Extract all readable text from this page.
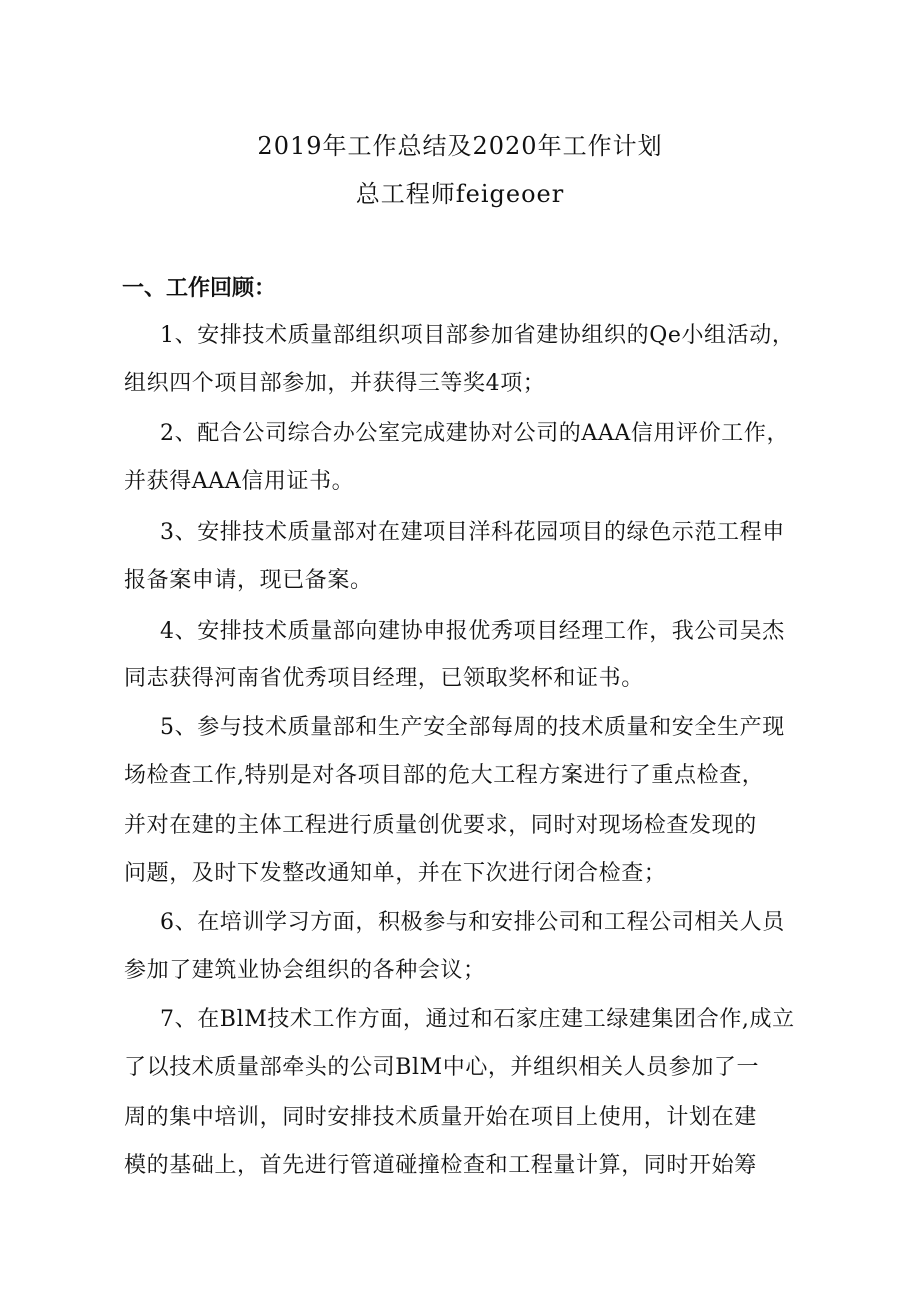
2019年工作总结及2020年工作计划
总工程师feigeoer
一、工作回顾：
1、安排技术质量部组织项目部参加省建协组织的Qe小组活动，
组织四个项目部参加，并获得三等奖4项；
2、配合公司综合办公室完成建协对公司的AAA信用评价工作，
并获得AAA信用证书。
3、安排技术质量部对在建项目洋科花园项目的绿色示范工程申
报备案申请，现已备案。
4、安排技术质量部向建协申报优秀项目经理工作，我公司吴杰
同志获得河南省优秀项目经理，已领取奖杯和证书。
5、参与技术质量部和生产安全部每周的技术质量和安全生产现
场检查工作,特别是对各项目部的危大工程方案进行了重点检查，
并对在建的主体工程进行质量创优要求，同时对现场检查发现的
问题，及时下发整改通知单，并在下次进行闭合检查；
6、在培训学习方面，积极参与和安排公司和工程公司相关人员
参加了建筑业协会组织的各种会议；
7、在BlM技术工作方面，通过和石家庄建工绿建集团合作,成立
了以技术质量部牵头的公司BlM中心，并组织相关人员参加了一
周的集中培训，同时安排技术质量开始在项目上使用，计划在建
模的基础上，首先进行管道碰撞检查和工程量计算，同时开始筹
